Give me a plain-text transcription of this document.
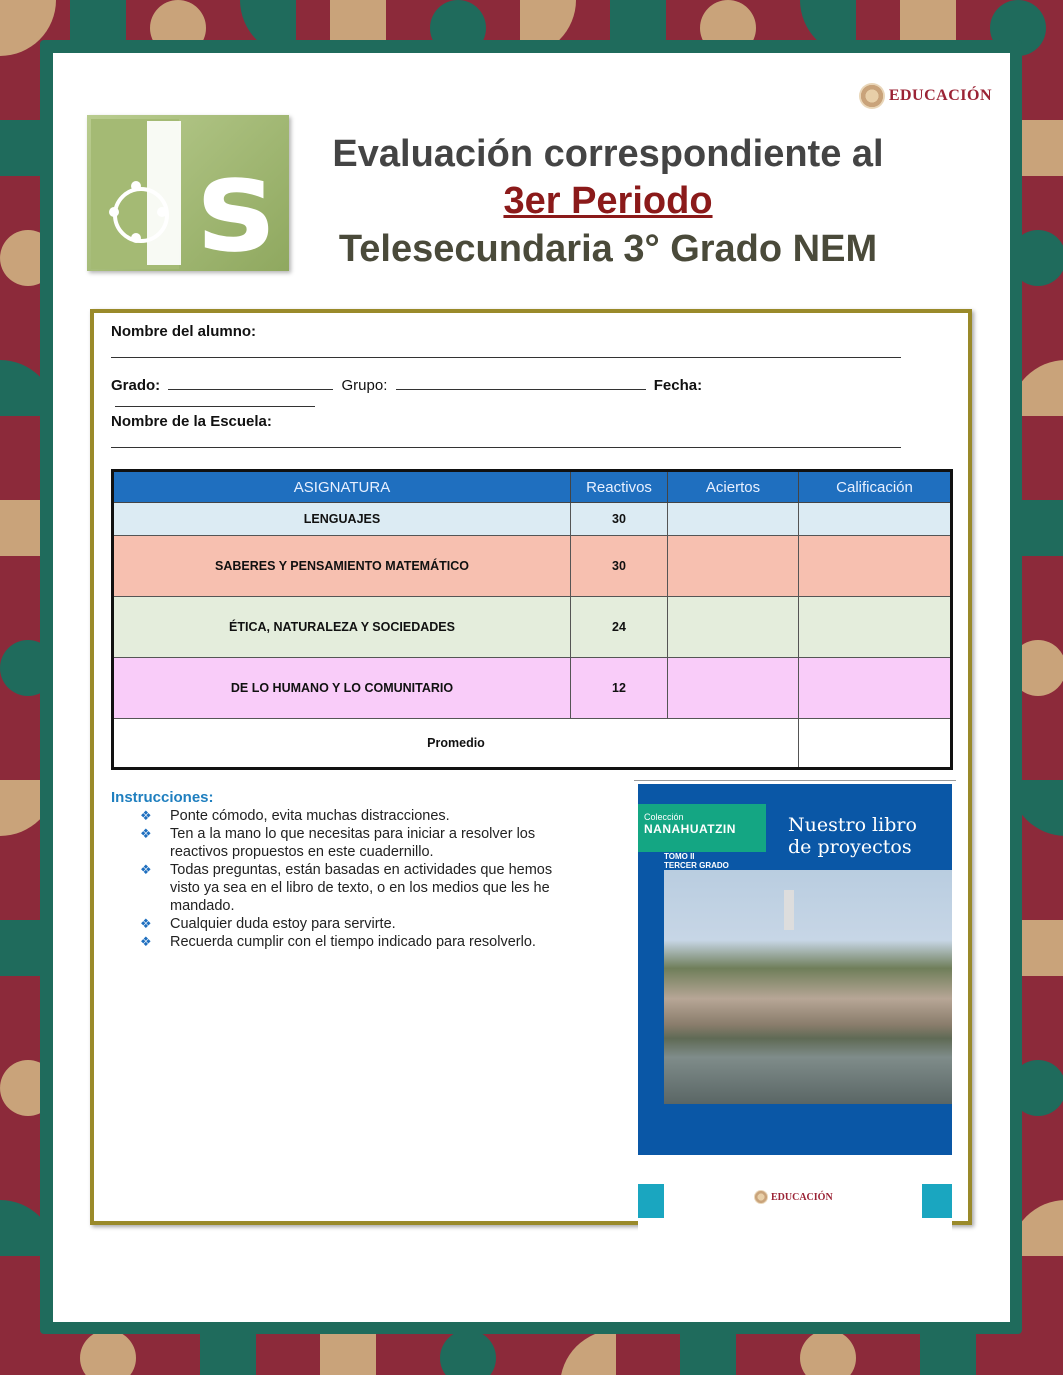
EDUCACIÓN
s	Evaluación correspondiente al
3er Periodo
Telesecundaria 3° Grado NEM
Nombre del alumno:
Grado:	Grupo:	Fecha:
Nombre de la Escuela:
ASIGNATURA	Reactivos	Aciertos	Calificación
LENGUAJES	30		
SABERES Y PENSAMIENTO MATEMÁTICO	30		
ÉTICA, NATURALEZA Y SOCIEDADES	24		
DE LO HUMANO Y LO COMUNITARIO	12		
Promedio			
Instrucciones:
❖ Ponte cómodo, evita muchas distracciones.
❖ Ten a la mano lo que necesitas para iniciar a resolver los reactivos propuestos en este cuadernillo.
❖ Todas preguntas, están basadas en actividades que hemos visto ya sea en el libro de texto, o en los medios que les he mandado.
❖ Cualquier duda estoy para servirte.
❖ Recuerda cumplir con el tiempo indicado para resolverlo.
Colección
NANAHUATZIN	Nuestro libro
de proyectos
TOMO II
TERCER GRADO
EDUCACIÓN
